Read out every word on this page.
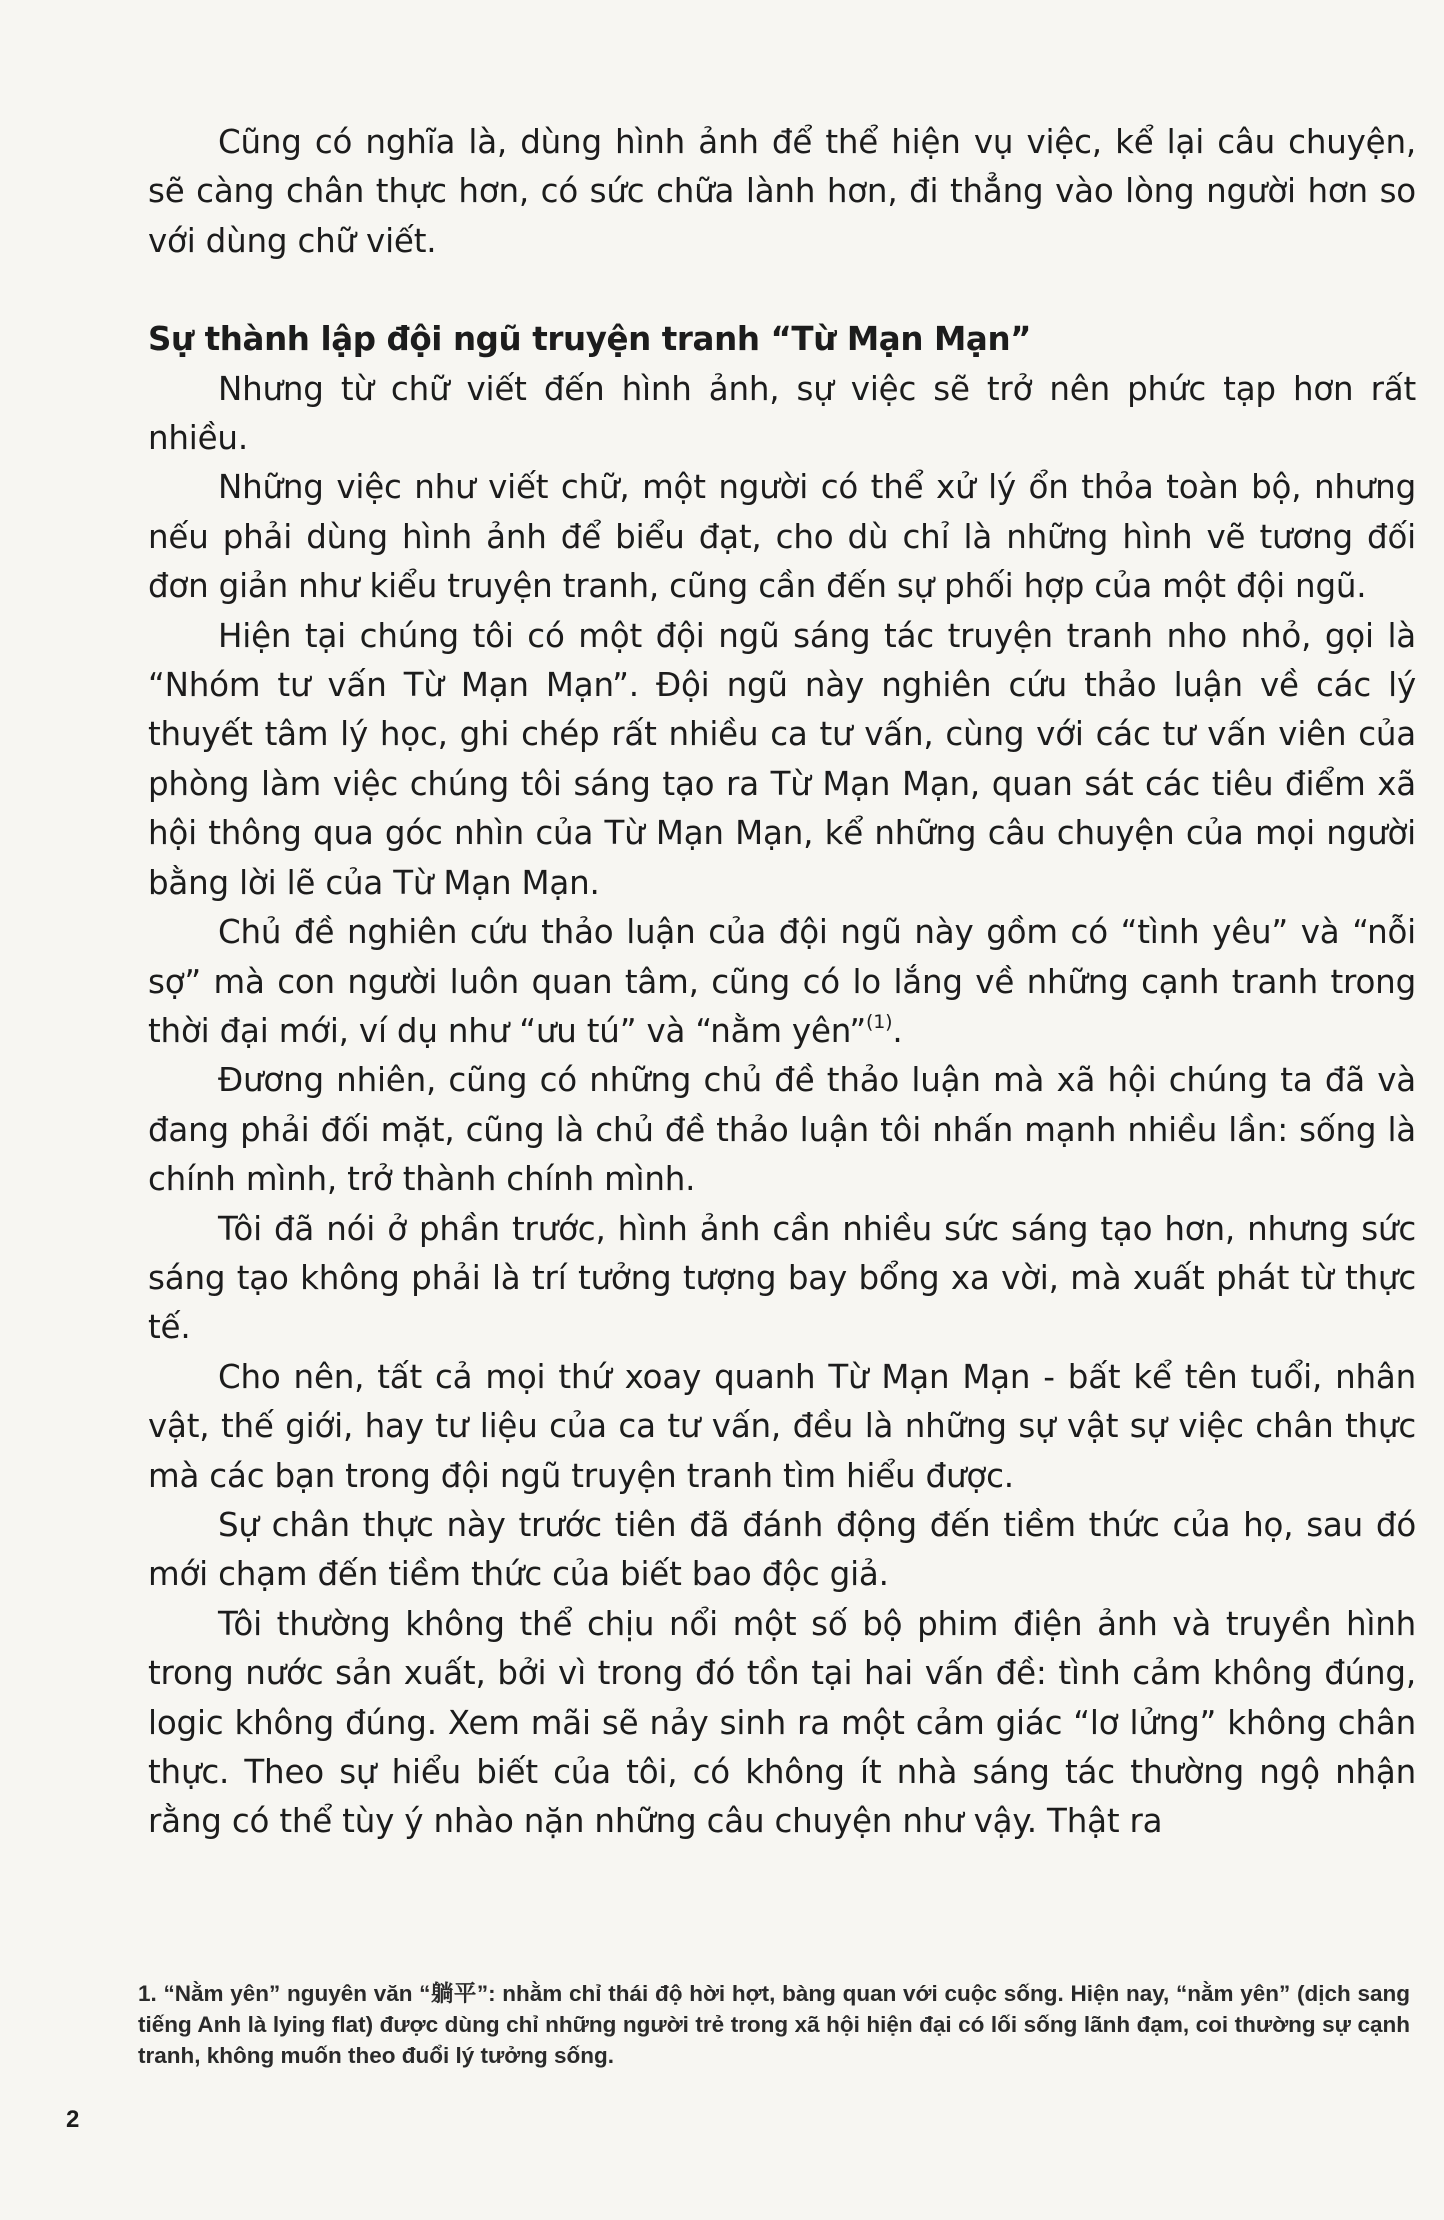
Cũng có nghĩa là, dùng hình ảnh để thể hiện vụ việc, kể lại câu chuyện, sẽ càng chân thực hơn, có sức chữa lành hơn, đi thẳng vào lòng người hơn so với dùng chữ viết.

Sự thành lập đội ngũ truyện tranh “Từ Mạn Mạn”

Nhưng từ chữ viết đến hình ảnh, sự việc sẽ trở nên phức tạp hơn rất nhiều.

Những việc như viết chữ, một người có thể xử lý ổn thỏa toàn bộ, nhưng nếu phải dùng hình ảnh để biểu đạt, cho dù chỉ là những hình vẽ tương đối đơn giản như kiểu truyện tranh, cũng cần đến sự phối hợp của một đội ngũ.

Hiện tại chúng tôi có một đội ngũ sáng tác truyện tranh nho nhỏ, gọi là “Nhóm tư vấn Từ Mạn Mạn”. Đội ngũ này nghiên cứu thảo luận về các lý thuyết tâm lý học, ghi chép rất nhiều ca tư vấn, cùng với các tư vấn viên của phòng làm việc chúng tôi sáng tạo ra Từ Mạn Mạn, quan sát các tiêu điểm xã hội thông qua góc nhìn của Từ Mạn Mạn, kể những câu chuyện của mọi người bằng lời lẽ của Từ Mạn Mạn.

Chủ đề nghiên cứu thảo luận của đội ngũ này gồm có “tình yêu” và “nỗi sợ” mà con người luôn quan tâm, cũng có lo lắng về những cạnh tranh trong thời đại mới, ví dụ như “ưu tú” và “nằm yên”$^{(1)}$.

Đương nhiên, cũng có những chủ đề thảo luận mà xã hội chúng ta đã và đang phải đối mặt, cũng là chủ đề thảo luận tôi nhấn mạnh nhiều lần: sống là chính mình, trở thành chính mình.

Tôi đã nói ở phần trước, hình ảnh cần nhiều sức sáng tạo hơn, nhưng sức sáng tạo không phải là trí tưởng tượng bay bổng xa vời, mà xuất phát từ thực tế.

Cho nên, tất cả mọi thứ xoay quanh Từ Mạn Mạn - bất kể tên tuổi, nhân vật, thế giới, hay tư liệu của ca tư vấn, đều là những sự vật sự việc chân thực mà các bạn trong đội ngũ truyện tranh tìm hiểu được.

Sự chân thực này trước tiên đã đánh động đến tiềm thức của họ, sau đó mới chạm đến tiềm thức của biết bao độc giả.

Tôi thường không thể chịu nổi một số bộ phim điện ảnh và truyền hình trong nước sản xuất, bởi vì trong đó tồn tại hai vấn đề: tình cảm không đúng, logic không đúng. Xem mãi sẽ nảy sinh ra một cảm giác “lơ lửng” không chân thực. Theo sự hiểu biết của tôi, có không ít nhà sáng tác thường ngộ nhận rằng có thể tùy ý nhào nặn những câu chuyện như vậy. Thật ra

1. “Nằm yên” nguyên văn “躺平”: nhằm chỉ thái độ hời hợt, bàng quan với cuộc sống. Hiện nay, “nằm yên” (dịch sang tiếng Anh là lying flat) được dùng chỉ những người trẻ trong xã hội hiện đại có lối sống lãnh đạm, coi thường sự cạnh tranh, không muốn theo đuổi lý tưởng sống.

2
